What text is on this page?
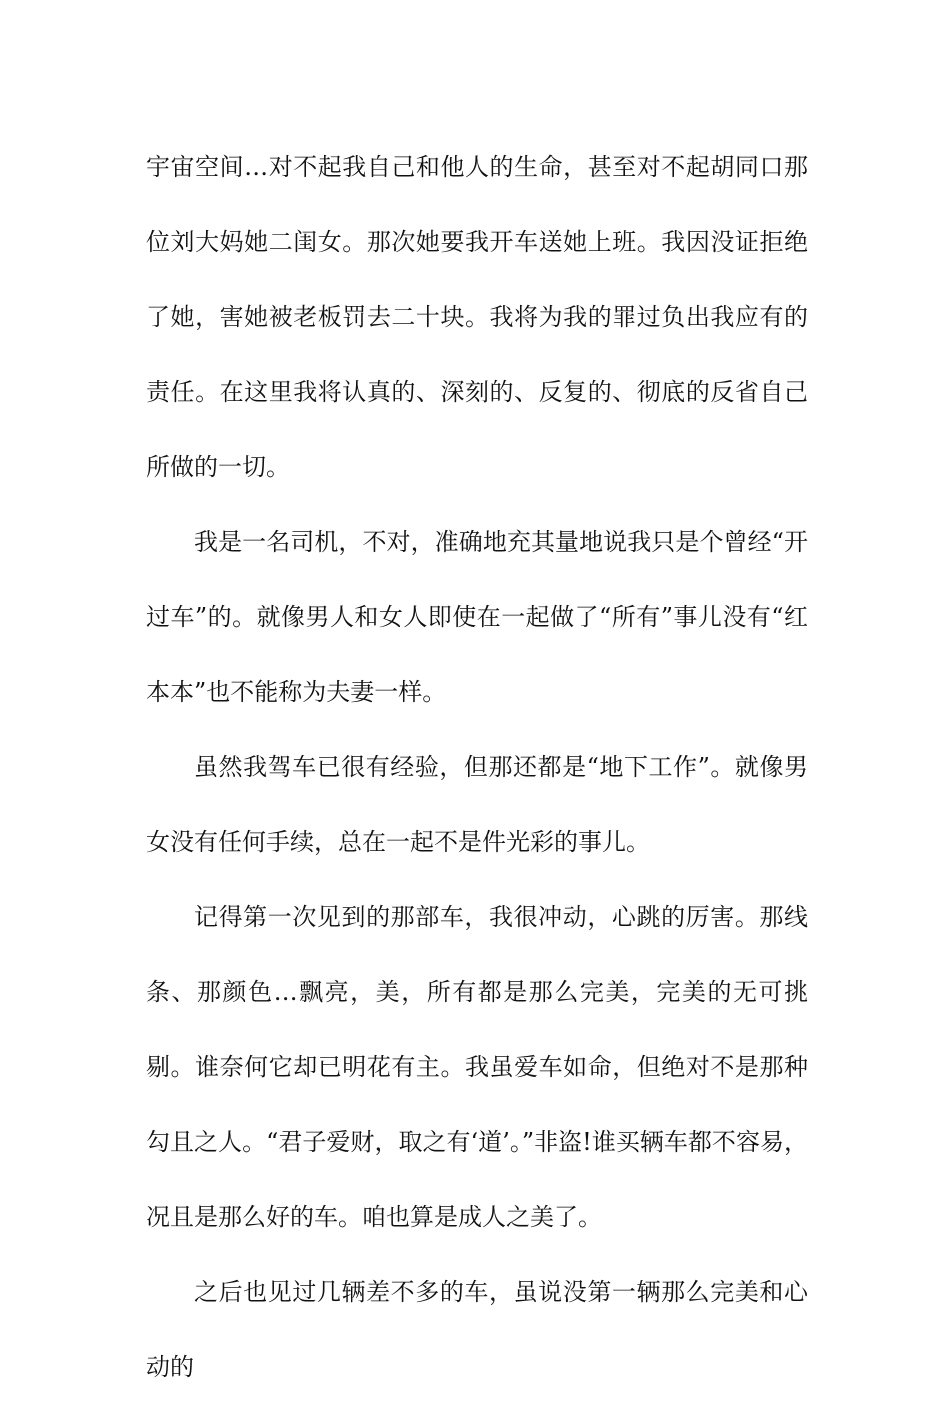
宇宙空间…对不起我自己和他人的生命，甚至对不起胡同口那位刘大妈她二闺女。那次她要我开车送她上班。我因没证拒绝了她，害她被老板罚去二十块。我将为我的罪过负出我应有的责任。在这里我将认真的、深刻的、反复的、彻底的反省自己所做的一切。

我是一名司机，不对，准确地充其量地说我只是个曾经“开过车”的。就像男人和女人即使在一起做了“所有”事儿没有“红本本”也不能称为夫妻一样。

虽然我驾车已很有经验，但那还都是“地下工作”。就像男女没有任何手续，总在一起不是件光彩的事儿。

记得第一次见到的那部车，我很冲动，心跳的厉害。那线条、那颜色…飘亮，美，所有都是那么完美，完美的无可挑剔。谁奈何它却已明花有主。我虽爱车如命，但绝对不是那种勾且之人。“君子爱财，取之有‘道’。”非盗!谁买辆车都不容易，况且是那么好的车。咱也算是成人之美了。

之后也见过几辆差不多的车，虽说没第一辆那么完美和心动的
